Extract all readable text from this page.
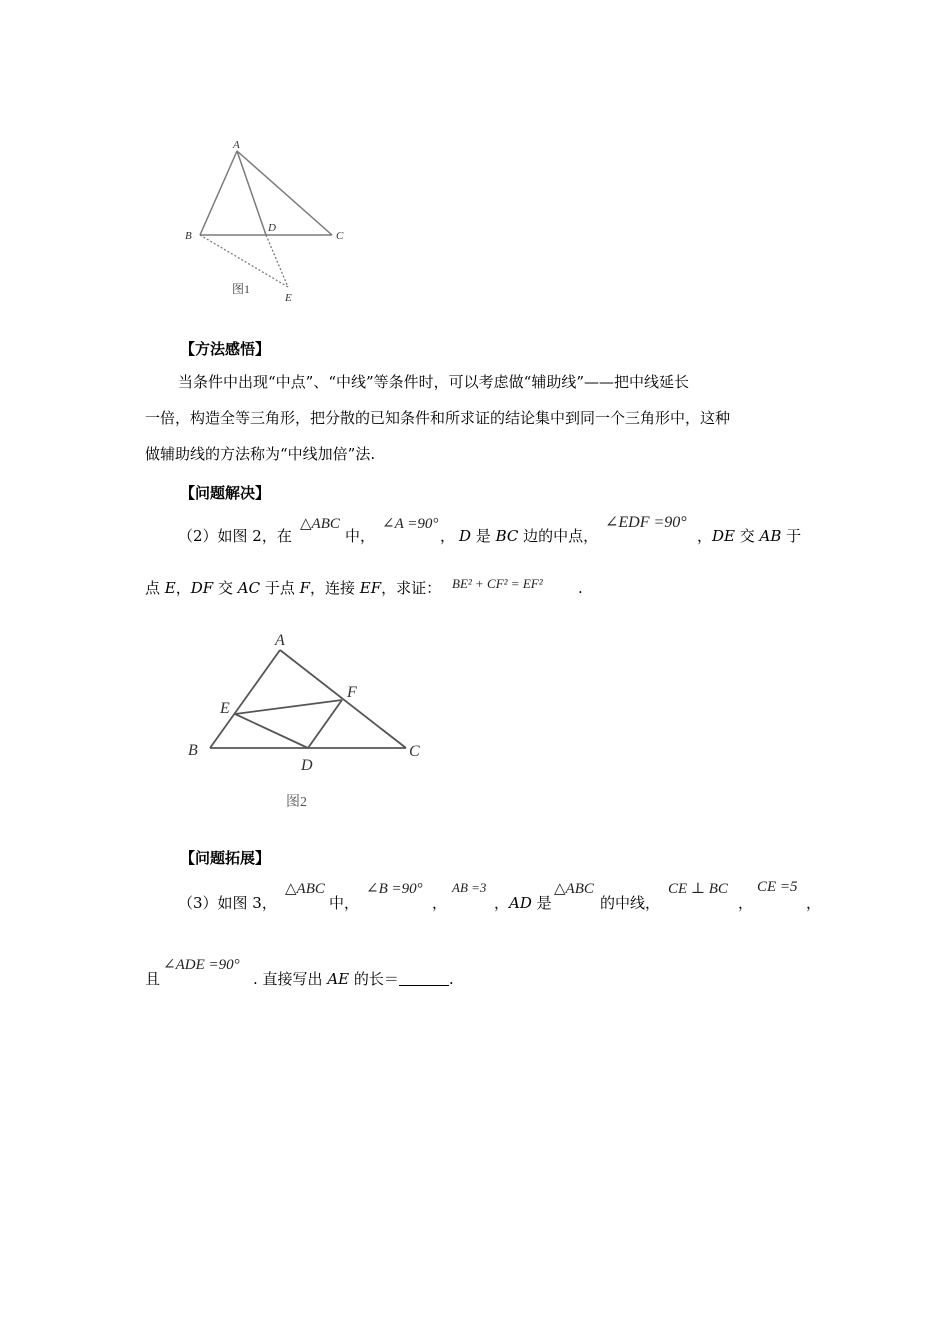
A
B	C
D
E
图1
【方法感悟】
当条件中出现“中点”、“中线”等条件时，可以考虑做“辅助线”——把中线延长
一倍，构造全等三角形，把分散的已知条件和所求证的结论集中到同一个三角形中，这种
做辅助线的方法称为“中线加倍”法.
【问题解决】
（2）如图 2，在
△ABC
中，
∠A =90°
， D 是 BC 边的中点，
∠EDF =90°
，DE 交 AB 于
点 E，DF 交 AC 于点 F，连接 EF，求证： BE² + CF² = EF² .
A
B	C
D
E
F
图2
【问题拓展】
（3）如图 3，
△ABC
中，
∠B =90°
，
AB =3
，AD 是
△ABC
的中线，
CE ⊥ BC
，
CE =5
，
且
∠ADE =90°
. 直接写出 AE 的长＝	.
